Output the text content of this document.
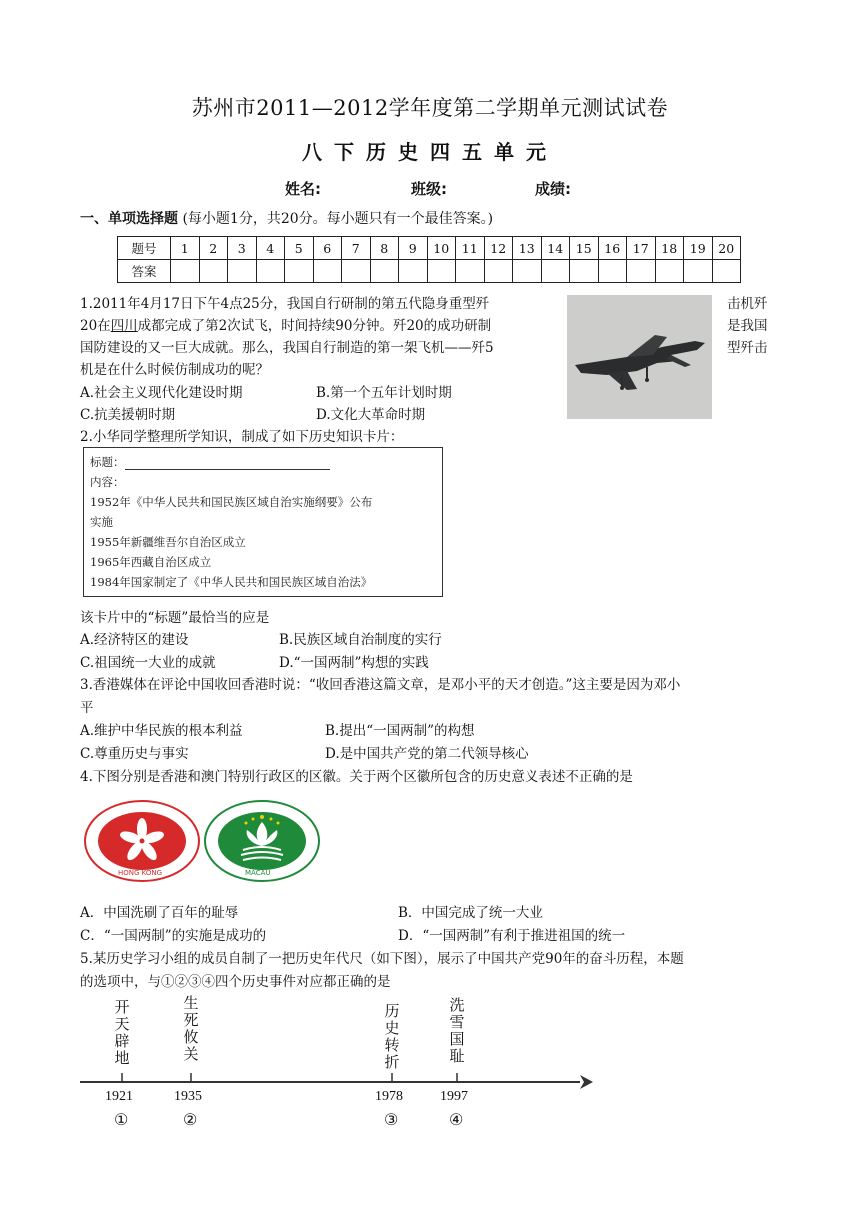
苏州市2011—2012学年度第二学期单元测试试卷
八下历史四五单元
姓名:	班级:	成绩:
一、单项选择题 (每小题1分，共20分。每小题只有一个最佳答案。)
题号	1	2	3	4	5	6	7	8	9	10	11	12	13	14	15	16	17	18	19	20
答案																				
1.2011年4月17日下午4点25分，我国自行研制的第五代隐身重型歼	击机歼
20在四川成都完成了第2次试飞，时间持续90分钟。歼20的成功研制	是我国
国防建设的又一巨大成就。那么，我国自行制造的第一架飞机——歼5	型歼击
机是在什么时候仿制成功的呢？
A.社会主义现代化建设时期	B.第一个五年计划时期
C.抗美援朝时期	D.文化大革命时期
2.小华同学整理所学知识，制成了如下历史知识卡片：
标题：
内容：
1952年《中华人民共和国民族区域自治实施纲要》公布
实施
1955年新疆维吾尔自治区成立
1965年西藏自治区成立
1984年国家制定了《中华人民共和国民族区域自治法》
该卡片中的“标题”最恰当的应是
A.经济特区的建设	B.民族区域自治制度的实行
C.祖国统一大业的成就	D.“一国两制”构想的实践
3.香港媒体在评论中国收回香港时说：“收回香港这篇文章，是邓小平的天才创造。”这主要是因为邓小
平
A.维护中华民族的根本利益	B.提出“一国两制”的构想
C.尊重历史与事实	D.是中国共产党的第二代领导核心
4.下图分别是香港和澳门特别行政区的区徽。关于两个区徽所包含的历史意义表述不正确的是
HONG KONG	MACAU
A．中国洗刷了百年的耻辱	B．中国完成了统一大业
C．“一国两制”的实施是成功的	D．“一国两制”有利于推进祖国的统一
5.某历史学习小组的成员自制了一把历史年代尺（如下图），展示了中国共产党90年的奋斗历程，本题
的选项中，与①②③④四个历史事件对应都正确的是
开天辟地
生死攸关
历史转折
洗雪国耻
1921	1935	1978	1997
①	②	③	④
